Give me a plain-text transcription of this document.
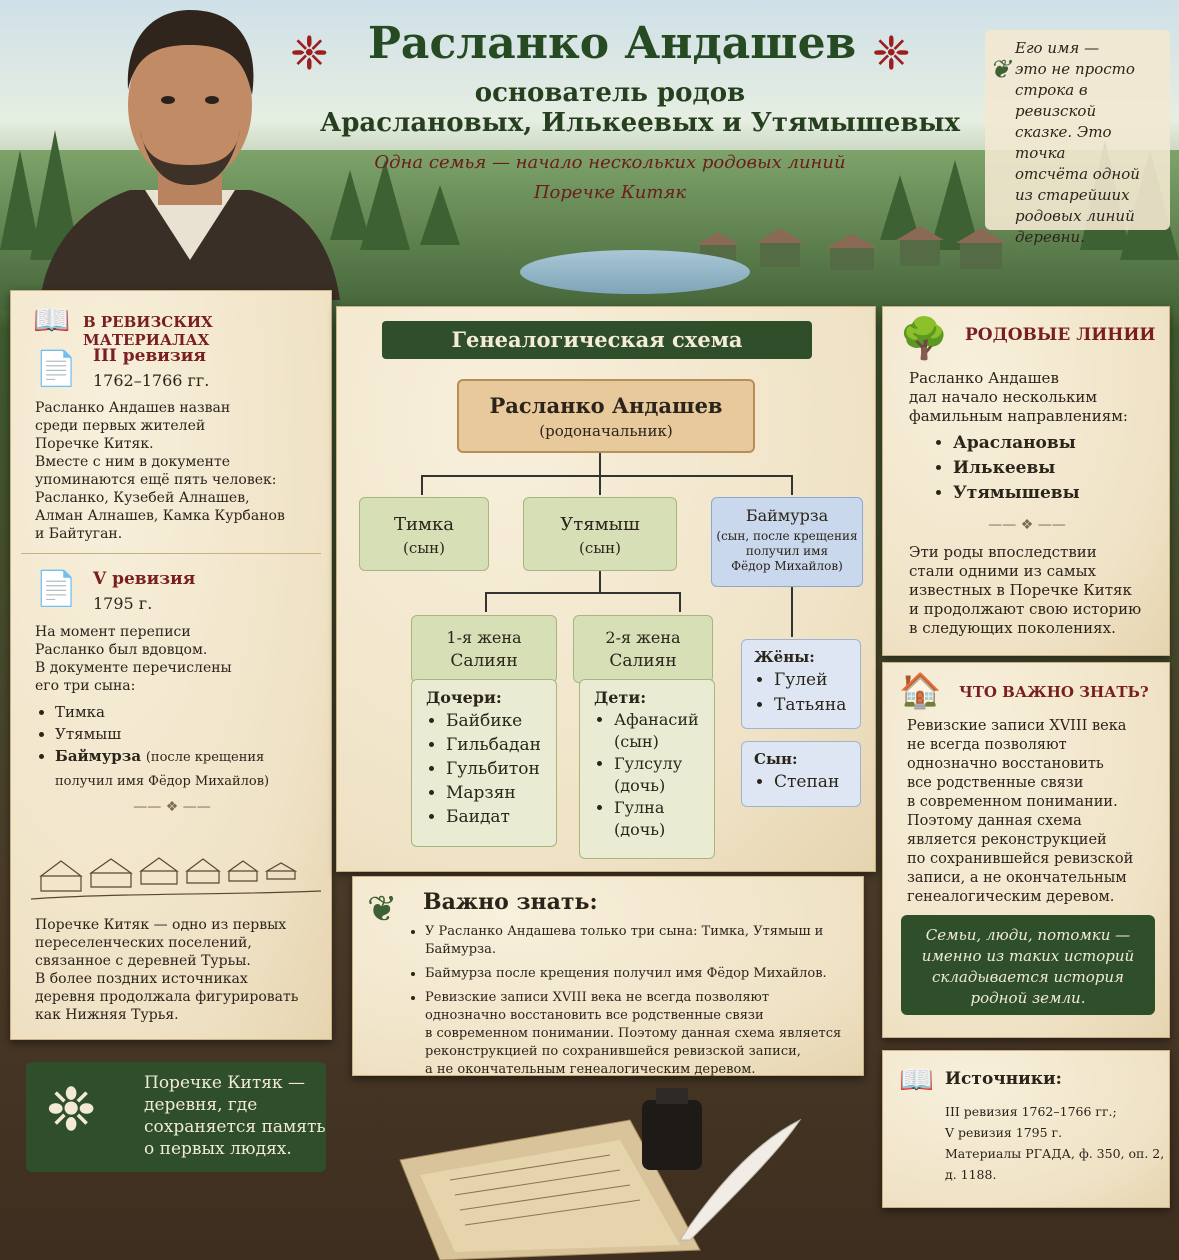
❈	❈
Расланко Андашев
основатель родов
Араслановых, Илькеевых и Утямышевых
Одна семья — начало нескольких родовых линий
Поречке Китяк
❦
Его имя —
это не просто
строка в ревизской
сказке. Это точка
отсчёта одной
из старейших
родовых линий
деревни.
📖 В РЕВИЗСКИХ МАТЕРИАЛАХ
📄 III ревизия
1762–1766 гг.
Расланко Андашев назван
среди первых жителей
Поречке Китяк.
Вместе с ним в документе
упоминаются ещё пять человек:
Расланко, Кузебей Алнашев,
Алман Алнашев, Камка Курбанов
и Байтуган.
📄 V ревизия
1795 г.
На момент переписи
Расланко был вдовцом.
В документе перечислены
его три сына:
• Тимка
• Утямыш
• Баймурза (после крещения
получил имя Фёдор Михайлов)
—— ❖ ——
Поречке Китяк — одно из первых
переселенческих поселений,
связанное с деревней Турьы.
В более поздних источниках
деревня продолжала фигурировать
как Нижняя Турья.
❉	Поречке Китяк —
деревня, где
сохраняется память
о первых людях.
Генеалогическая схема
Расланко Андашев
(родоначальник)
Тимка
(сын)
Утямыш
(сын)
Баймурза
(сын, после крещения
получил имя
Фёдор Михайлов)
1-я жена
Салиян
2-я жена
Салиян
Дочери:
• Байбике
• Гильбадан
• Гульбитон
• Марзян
• Баидат
Дети:
• Афанасий
(сын)
• Гулсулу
(дочь)
• Гулна
(дочь)
Жёны:
• Гулей
• Татьяна
Сын:
• Степан
❦ Важно знать:
• У Расланко Андашева только три сына: Тимка, Утямыш и Баймурза.
• Баймурза после крещения получил имя Фёдор Михайлов.
• Ревизские записи XVIII века не всегда позволяют
однозначно восстановить все родственные связи
в современном понимании. Поэтому данная схема является
реконструкцией по сохранившейся ревизской записи,
а не окончательным генеалогическим деревом.
🌳 РОДОВЫЕ ЛИНИИ
Расланко Андашев
дал начало нескольким
фамильным направлениям:
• Араслановы
• Илькеевы
• Утямышевы
—— ❖ ——
Эти роды впоследствии
стали одними из самых
известных в Поречке Китяк
и продолжают свою историю
в следующих поколениях.
🏠 ЧТО ВАЖНО ЗНАТЬ?
Ревизские записи XVIII века
не всегда позволяют
однозначно восстановить
все родственные связи
в современном понимании.
Поэтому данная схема
является реконструкцией
по сохранившейся ревизской
записи, а не окончательным
генеалогическим деревом.
Семьи, люди, потомки —
именно из таких историй
складывается история
родной земли.
📖 Источники:
III ревизия 1762–1766 гг.;
V ревизия 1795 г.
Материалы РГАДА, ф. 350, оп. 2, д. 1188.
